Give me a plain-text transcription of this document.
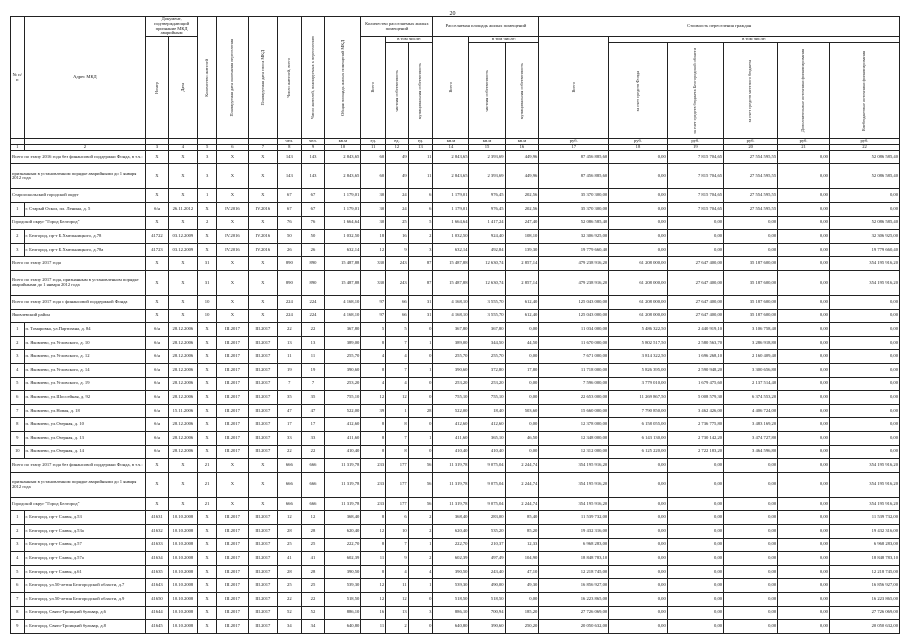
20
№ п/п	Адрес МКД	Документ, подтверждающий признание МКД аварийным		Количество жителей	Планируемая дата окончания переселения	Планируемая дата сноса МКД	Число жителей, всего	Число жителей, планируемых к переселению	Общая площадь жилых помещений МКД	Количество расселяемых жилых помещений			Расселяемая площадь жилых помещений			Стоимость переселения граждан					

		Номер	Дата							Всего	в том числе:		Всего	в том числе:		Всего	в том числе:				

											частная собственность	муниципальная собственность		частная собственность	муниципальная собственность		за счет средств Фонда	за счет средств бюджета Белгородской области	за счет средств местного бюджета	Дополнительные источники финансирования	Внебюджетные источники финансирования

							чел.	чел.	кв.м	ед.	ед.	ед.	кв.м	кв.м	кв.м	руб.	руб.	руб.	руб.	руб.	руб.
1	2	3	4	5	6	7	8	9	10	11	12	13	14	15	16	17	18	19	20	21	22
Всего по этапу 2016 года без финансовой поддержки Фонда, в т.ч.:		X	X	3	X	X	143	143	2 843,65	60	49	11	2 843,65	2 393,69	449,96	87 456 885,60	0,00	7 815 704,65	27 554 595,55	0,00	52 086 585,40
признанным в установленном порядке аварийными до 1 января 2012 года		X	X	3	X	X	143	143	2 843,65	60	49	11	2 843,65	2 393,69	449,96	87 456 885,60	0,00	7 815 704,65	27 554 595,55	0,00	52 086 585,40
Старооскольский городской округ		X	X	1	X	X	67	67	1 179,01	30	24	6	1 179,01	976,45	202,56	35 370 300,00	0,00	7 815 704,65	27 554 595,55	0,00	0,00
1	г. Старый Оскол, пл. Ленина, д. 5	б/н	26.11.2012	X	IV.2016	IV.2016	67	67	1 179,01	30	24	6	1 179,01	976,45	202,56	35 370 300,00	0,00	7 815 704,65	27 554 595,55	0,00	0,00
Городской округ "Город Белгород"		X	X	2	X	X	76	76	1 664,64	30	25	5	1 664,64	1 417,24	247,40	52 086 585,40	0,00	0,00	0,00	0,00	52 086 585,40
2	г. Белгород, пр-т Б.Хмельницкого, д.78	41722	03.12.2009	X	IV.2016	IV.2016	50	50	1 032,50	18	16	2	1 032,50	924,40	108,10	32 306 925,00	0,00	0,00	0,00	0,00	32 306 925,00
3	г. Белгород, пр-т Б.Хмельницкого, д.78а	41723	03.12.2009	X	IV.2016	IV.2016	26	26	632,14	12	9	3	632,14	492,84	139,30	19 779 660,40	0,00	0,00	0,00	0,00	19 779 660,40
Всего по этапу 2017 года		X	X	31	X	X	890	890	15 487,88	330	243	87	15 487,88	12 630,74	2 857,14	479 238 916,20	61 208 000,00	27 647 400,00	35 187 600,00	0,00	354 195 916,20
Всего по этапу 2017 года, признанным в установленном порядке аварийными до 1 января 2012 года		X	X	31	X	X	890	890	15 487,88	330	243	87	15 487,88	12 630,74	2 857,14	479 238 916,20	61 208 000,00	27 647 400,00	35 187 600,00	0,00	354 195 916,20
Всего по этапу 2017 года с финансовой поддержкой Фонда		X	X	10	X	X	224	224	4 168,10	97	66	31	4 168,10	3 555,70	612,40	125 043 000,00	61 208 000,00	27 647 400,00	35 187 600,00	0,00	0,00
Яковлевский район		X	X	10	X	X	224	224	4 168,10	97	66	31	4 168,10	3 555,70	612,40	125 043 000,00	61 208 000,00	27 647 400,00	35 187 600,00	0,00	0,00
1	п. Томаровка, ул.Партизана, д. 84	б/н	28.12.2006	X	III.2017	III.2017	22	22	367,80	5	5	0	367,80	367,80	0,00	11 034 000,00	5 486 322,50	2 440 919,10	3 106 758,40	0,00	0,00
2	п. Яковлево, ул.Угловского, д. 10	б/н	28.12.2006	X	III.2017	III.2017	13	13	389,00	8	7	1	389,00	344,50	44,50	11 670 000,00	5 802 517,50	2 580 563,70	3 286 918,80	0,00	0,00
3	п. Яковлево, ул.Угловского, д. 12	б/н	28.12.2006	X	III.2017	III.2017	11	11	255,70	4	4	0	255,70	255,70	0,00	7 671 000,00	3 814 322,50	1 696 268,10	2 160 409,40	0,00	0,00
4	п. Яковлево, ул.Угловского, д. 14	б/н	28.12.2006	X	III.2017	III.2017	19	19	390,60	8	7	1	390,60	372,80	17,80	11 718 000,00	5 826 395,00	2 590 948,20	3 300 656,80	0,00	0,00
5	п. Яковлево, ул.Угловского, д. 19	б/н	28.12.2006	X	III.2017	III.2017	7	7	253,20	4	4	0	253,20	253,20	0,00	7 596 000,00	3 779 010,00	1 679 475,60	2 137 514,40	0,00	0,00
6	п. Яковлево, ул.Шоссейная, д. 92	б/н	28.12.2006	X	III.2017	III.2017	35	35	755,10	12	12	0	755,10	755,10	0,00	22 653 000,00	11 269 867,50	5 008 579,30	6 374 553,20	0,00	0,00
7	п. Яковлево, ул.Новая, д. 18	б/н	15.11.2006	X	III.2017	III.2017	47	47	522,00	39	1	28	522,00	18,40	503,60	15 660 000,00	7 790 850,00	3 462 426,00	4 406 724,00	0,00	0,00
8	п. Яковлево, ул.Озерная, д. 10	б/н	28.12.2006	X	III.2017	III.2017	17	17	412,60	8	8	0	412,60	412,60	0,00	12 378 000,00	6 158 055,00	2 736 775,80	3 483 169,20	0,00	0,00
9	п. Яковлево, ул.Озерная, д. 13	б/н	28.12.2006	X	III.2017	III.2017	33	33	411,60	8	7	1	411,60	365,10	46,50	12 348 000,00	6 143 130,00	2 730 142,20	3 474 727,80	0,00	0,00
10	п. Яковлево, ул.Озерная, д. 14	б/н	28.12.2006	X	III.2017	III.2017	22	22	410,40	8	8	0	410,40	410,40	0,00	12 312 000,00	6 125 220,00	2 722 183,20	3 464 596,80	0,00	0,00
Всего по этапу 2017 года без финансовой поддержки Фонда, в т.ч.:		X	X	21	X	X	666	666	11 319,78	233	177	56	11 319,78	9 075,04	2 244,74	354 195 916,20	0,00	0,00	0,00	0,00	354 195 916,20
признанным в установленном порядке аварийными до 1 января 2012 года		X	X	21	X	X	666	666	11 319,78	233	177	56	11 319,78	9 075,04	2 244,74	354 195 916,20	0,00	0,00	0,00	0,00	354 195 916,20
Городской округ "Город Белгород"		X	X	21	X	X	666	666	11 319,78	233	177	56	11 319,78	9 075,04	2 244,74	354 195 916,20	0,00	0,00	0,00	0,00	354 195 916,20
1	г. Белгород, пр-т Славы, д.53	41631	10.10.2008	X	III.2017	III.2017	12	12	368,40	8	6	2	368,40	283,00	85,40	11 539 732,00	0,00	0,00	0,00	0,00	11 539 732,00
2	г. Белгород, пр-т Славы, д.53а	41632	10.10.2008	X	III.2017	III.2017	28	28	620,40	12	10	2	620,40	535,20	85,20	19 432 316,00	0,00	0,00	0,00	0,00	19 432 316,00
3	г. Белгород, пр-т Славы, д.57	41633	10.10.2008	X	III.2017	III.2017	25	25	222,70	8	7	1	222,70	210,37	12,33	6 968 283,00	0,00	0,00	0,00	0,00	6 968 283,00
4	г. Белгород, пр-т Славы, д.57а	41634	10.10.2008	X	III.2017	III.2017	41	41	602,39	11	9	2	602,39	497,49	104,90	18 848 783,10	0,00	0,00	0,00	0,00	18 848 783,10
5	г. Белгород, пр-т Славы, д.61	41635	10.10.2008	X	III.2017	III.2017	28	28	390,50	8	4	4	390,50	243,40	47,10	12 218 745,00	0,00	0,00	0,00	0,00	12 218 745,00
6	г. Белгород, ул.50-летия Белгородской области, д.7	41643	10.10.2008	X	III.2017	III.2017	25	25	539,30	12	11	1	539,30	490,00	49,30	16 856 927,00	0,00	0,00	0,00	0,00	16 856 927,00
7	г. Белгород, ул.50-летия Белгородской области, д.9	41650	10.10.2008	X	III.2017	III.2017	22	22	518,50	12	12	0	518,50	518,50	0,00	16 223 865,00	0,00	0,00	0,00	0,00	16 223 865,00
8	г. Белгород, Свято-Троицкий бульвар, д.6	41644	10.10.2008	X	III.2017	III.2017	52	52	886,10	16	13	3	886,10	700,94	185,20	27 726 069,00	0,00	0,00	0,00	0,00	27 726 069,00
9	г. Белгород, Свято-Троицкий бульвар, д.8	41645	10.10.2008	X	III.2017	III.2017	34	34	640,80	11	2	0	640,80	390,60	250,20	20 050 632,00	0,00	0,00	0,00	0,00	20 050 632,00
